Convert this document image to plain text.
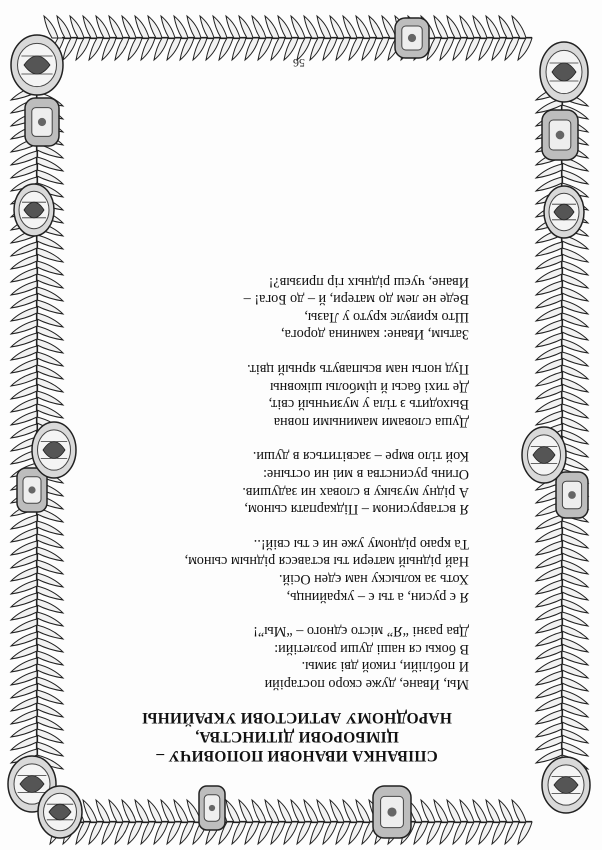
СПІВАНКА ИВАНОВИ ПОПОВИЧУ –
ЦІМБОРОВИ ДІТИНСТВА,
НАРОДНОМУ АРТИСТОВИ УКРАЙИНЫ
Мы, Иване, дуже скоро постарійи
И побілійи, гикой дві зимы.
В бокы ся наші души розлетійи:
Два разні “Я” місто єдного – “Мы”!
Я є русин, а ты є – украйинць,
Хоть за колыску нам єден Осій.
Най рідный матери ты вставєся рідным сыном,
Та краю рідному уже ни є ты свій!..
Я вставрусином – Підкарпатя сыном,
А рідну музыку в словах ни задушив.
Огинь русинства в миі ни остыне:
Кой тіло вмре – засвітиться в души.
Душа словами мамиными повна
Выходить з тіла у музичный світ,
Де тихі басы й цімболы шіковны
Пуд ногы нам всыпавуть ярный цвіт.
Затым, Иване: камнина дорога,
Што кривулє круто у Лазы,
Веде не лем до матери, й – до Бога! –
Иване, чуєш рідных гір призыв?!
56
